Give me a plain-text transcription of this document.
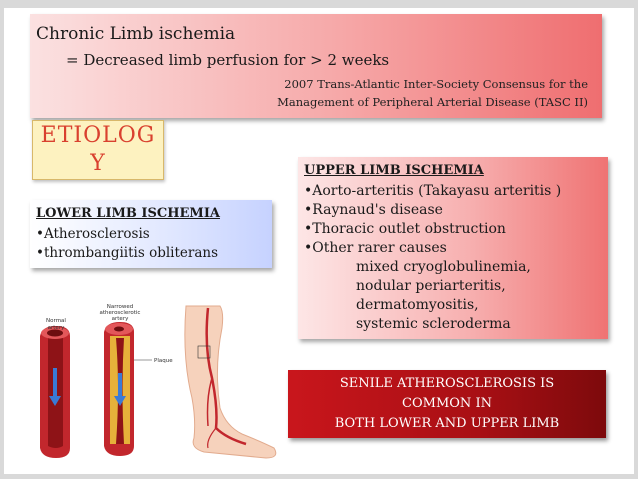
Chronic Limb ischemia
= Decreased limb perfusion for > 2 weeks
2007 Trans-Atlantic Inter-Society Consensus for the
Management of Peripheral Arterial Disease (TASC II)
ETIOLOG
Y
LOWER LIMB ISCHEMIA
•Atherosclerosis
•thrombangiitis obliterans
UPPER LIMB ISCHEMIA
•Aorto-arteritis (Takayasu arteritis )
•Raynaud's disease
•Thoracic outlet obstruction
•Other rarer causes
mixed cryoglobulinemia,
nodular periarteritis,
dermatomyositis,
systemic scleroderma
SENILE ATHEROSCLEROSIS IS
COMMON IN
BOTH LOWER AND UPPER LIMB
Normal
artery
Narrowed
atherosclerotic
artery
Plaque
